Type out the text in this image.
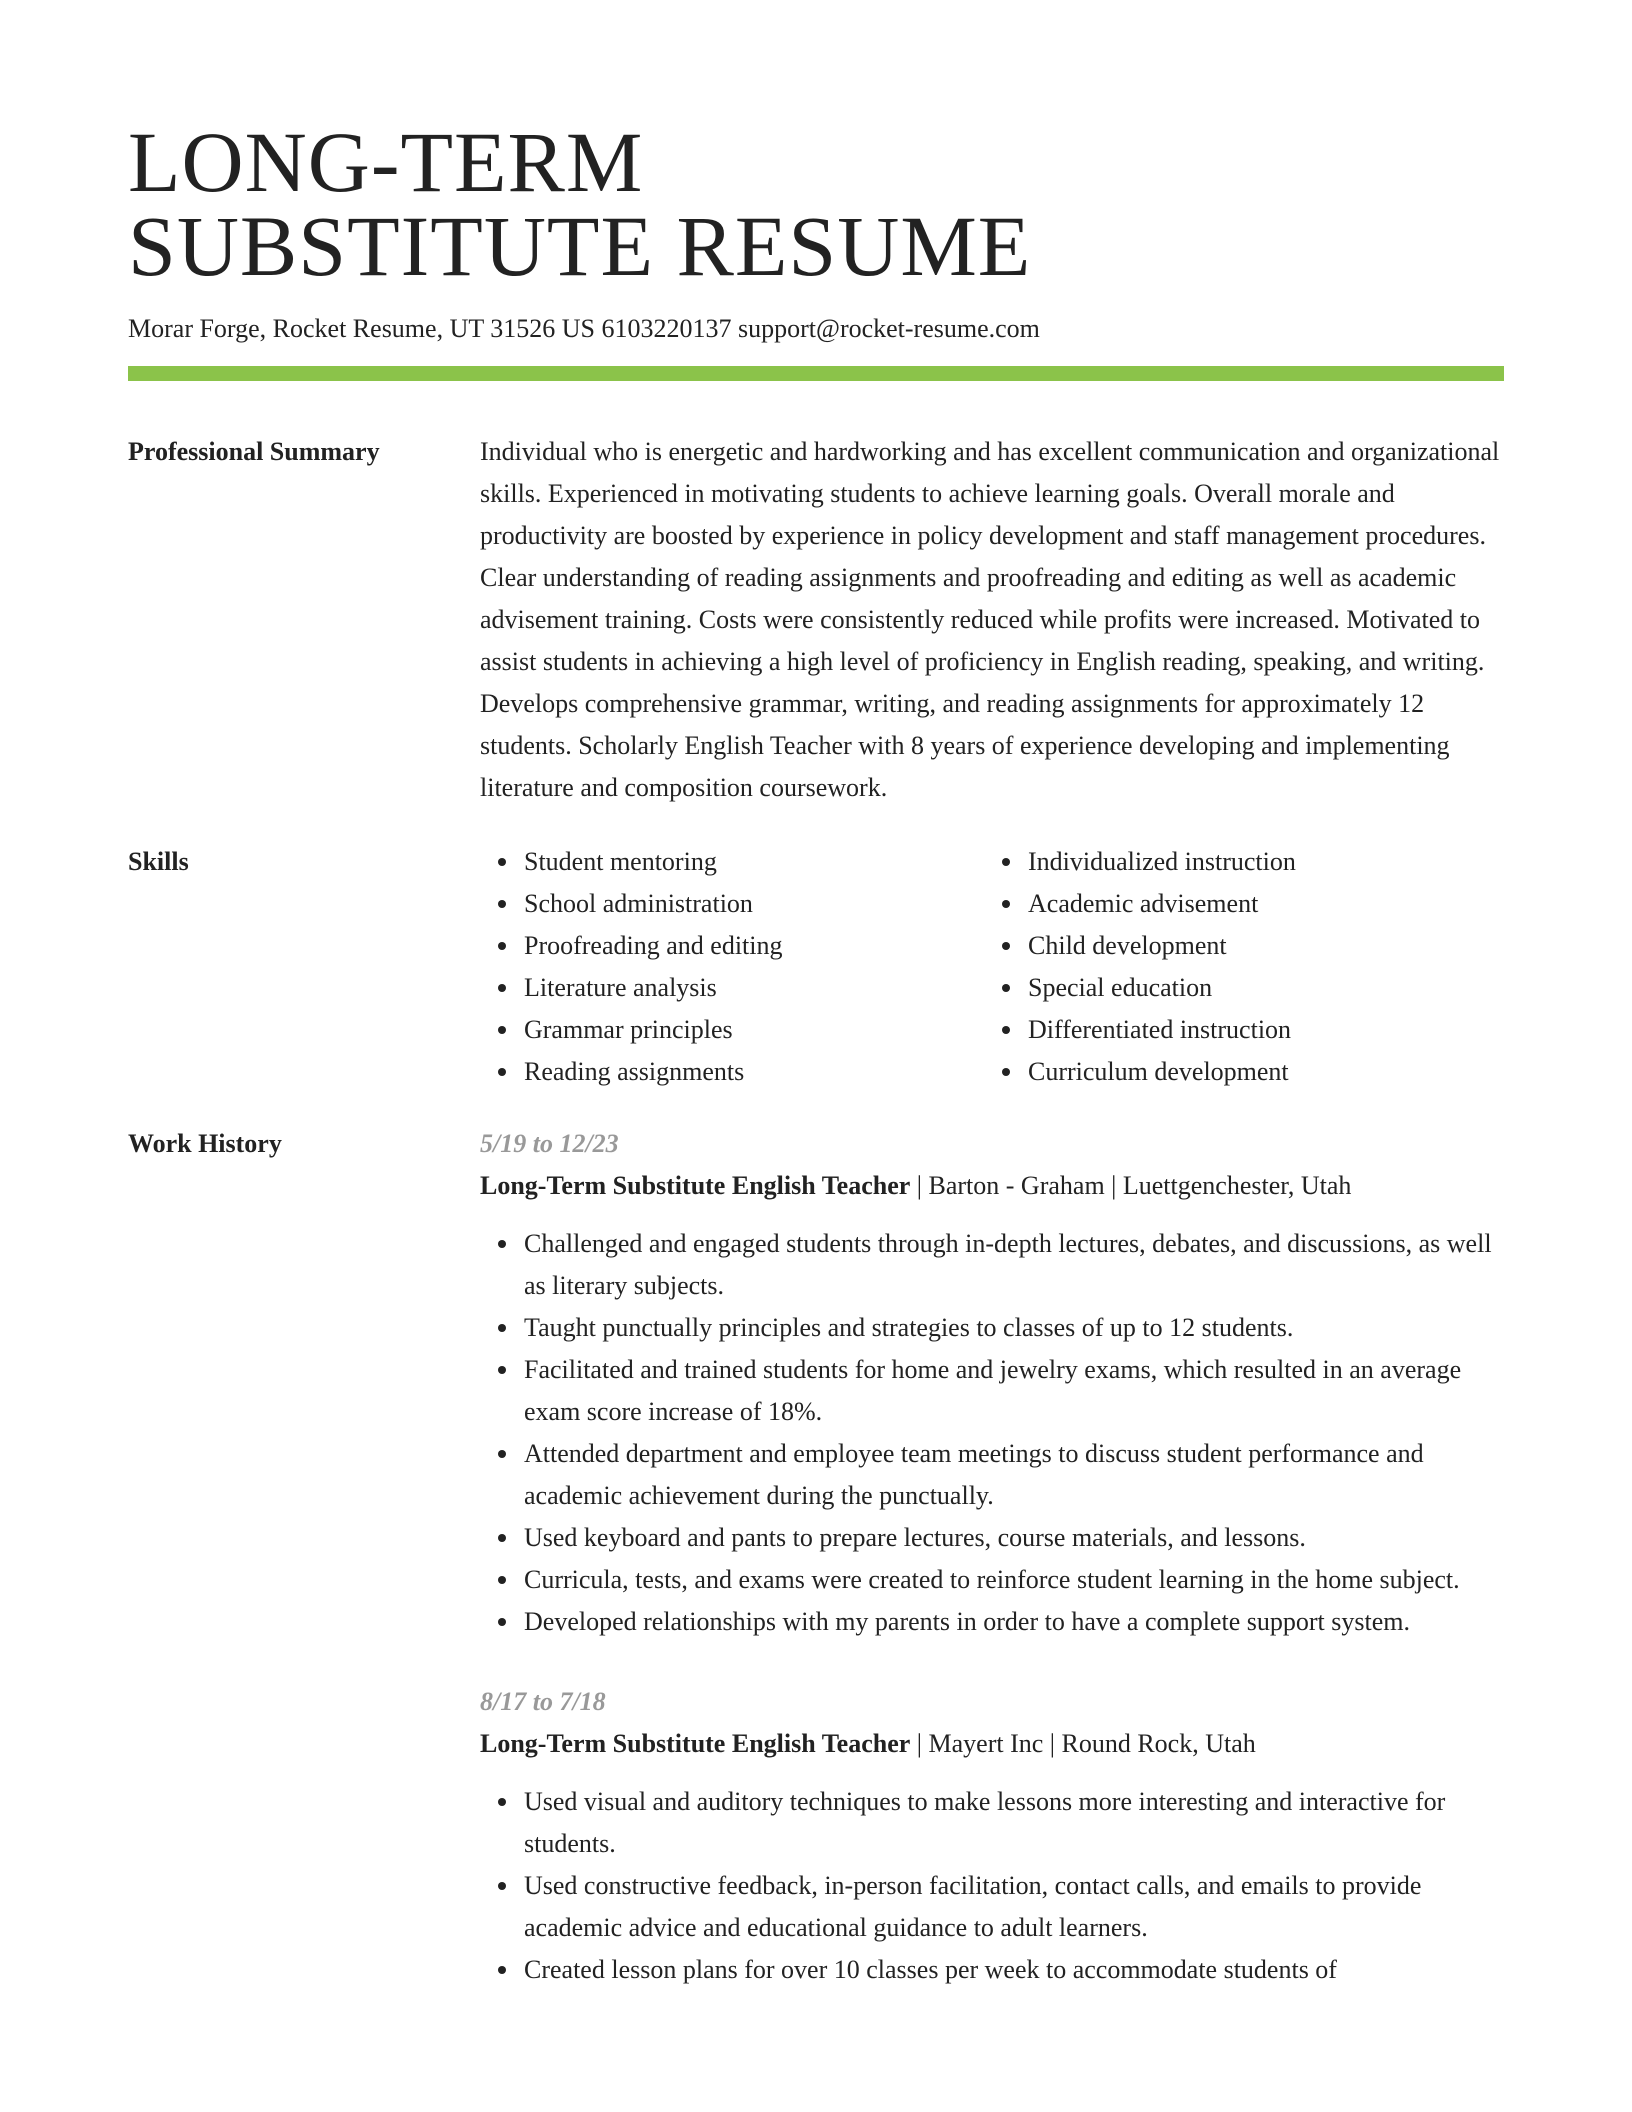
LONG-TERM
SUBSTITUTE RESUME
Morar Forge, Rocket Resume, UT 31526 US 6103220137 support@rocket-resume.com
Professional Summary	Individual who is energetic and hardworking and has excellent communication and organizational skills. Experienced in motivating students to achieve learning goals. Overall morale and productivity are boosted by experience in policy development and staff management procedures. Clear understanding of reading assignments and proofreading and editing as well as academic advisement training. Costs were consistently reduced while profits were increased. Motivated to assist students in achieving a high level of proficiency in English reading, speaking, and writing. Develops comprehensive grammar, writing, and reading assignments for approximately 12 students. Scholarly English Teacher with 8 years of experience developing and implementing literature and composition coursework.
Skills	Student mentoring
School administration
Proofreading and editing
Literature analysis
Grammar principles
Reading assignments
Individualized instruction
Academic advisement
Child development
Special education
Differentiated instruction
Curriculum development
Work History	5/19 to 12/23
Long-Term Substitute English Teacher | Barton - Graham | Luettgenchester, Utah
Challenged and engaged students through in-depth lectures, debates, and discussions, as well as literary subjects.
Taught punctually principles and strategies to classes of up to 12 students.
Facilitated and trained students for home and jewelry exams, which resulted in an average exam score increase of 18%.
Attended department and employee team meetings to discuss student performance and academic achievement during the punctually.
Used keyboard and pants to prepare lectures, course materials, and lessons.
Curricula, tests, and exams were created to reinforce student learning in the home subject.
Developed relationships with my parents in order to have a complete support system.
8/17 to 7/18
Long-Term Substitute English Teacher | Mayert Inc | Round Rock, Utah
Used visual and auditory techniques to make lessons more interesting and interactive for students.
Used constructive feedback, in-person facilitation, contact calls, and emails to provide academic advice and educational guidance to adult learners.
Created lesson plans for over 10 classes per week to accommodate students of
